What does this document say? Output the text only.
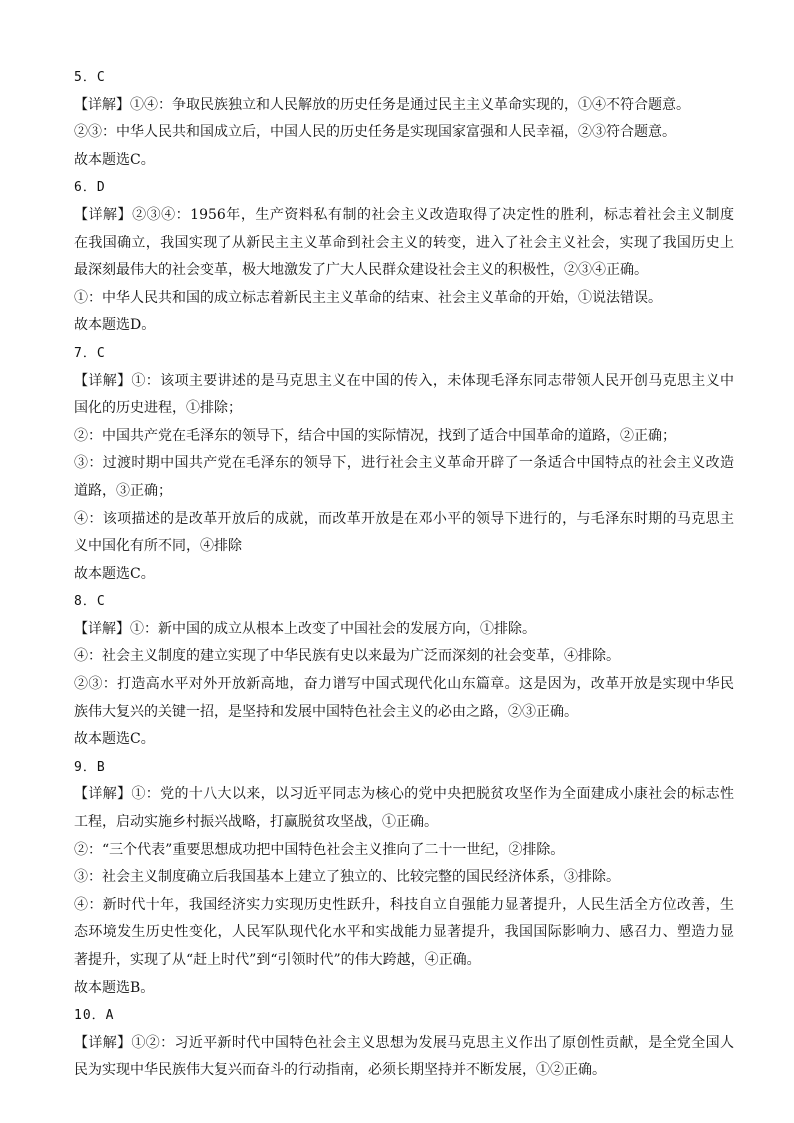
5．C
【详解】①④：争取民族独立和人民解放的历史任务是通过民主主义革命实现的，①④不符合题意。
②③：中华人民共和国成立后，中国人民的历史任务是实现国家富强和人民幸福，②③符合题意。
故本题选C。
6．D
【详解】②③④：1956年，生产资料私有制的社会主义改造取得了决定性的胜利，标志着社会主义制度
在我国确立，我国实现了从新民主主义革命到社会主义的转变，进入了社会主义社会，实现了我国历史上
最深刻最伟大的社会变革，极大地激发了广大人民群众建设社会主义的积极性，②③④正确。
①：中华人民共和国的成立标志着新民主主义革命的结束、社会主义革命的开始，①说法错误。
故本题选D。
7．C
【详解】①：该项主要讲述的是马克思主义在中国的传入，未体现毛泽东同志带领人民开创马克思主义中
国化的历史进程，①排除；
②：中国共产党在毛泽东的领导下，结合中国的实际情况，找到了适合中国革命的道路，②正确；
③：过渡时期中国共产党在毛泽东的领导下，进行社会主义革命开辟了一条适合中国特点的社会主义改造
道路，③正确；
④：该项描述的是改革开放后的成就，而改革开放是在邓小平的领导下进行的，与毛泽东时期的马克思主
义中国化有所不同，④排除
故本题选C。
8．C
【详解】①：新中国的成立从根本上改变了中国社会的发展方向，①排除。
④：社会主义制度的建立实现了中华民族有史以来最为广泛而深刻的社会变革，④排除。
②③：打造高水平对外开放新高地，奋力谱写中国式现代化山东篇章。这是因为，改革开放是实现中华民
族伟大复兴的关键一招，是坚持和发展中国特色社会主义的必由之路，②③正确。
故本题选C。
9．B
【详解】①：党的十八大以来，以习近平同志为核心的党中央把脱贫攻坚作为全面建成小康社会的标志性
工程，启动实施乡村振兴战略，打赢脱贫攻坚战，①正确。
②：“三个代表”重要思想成功把中国特色社会主义推向了二十一世纪，②排除。
③：社会主义制度确立后我国基本上建立了独立的、比较完整的国民经济体系，③排除。
④：新时代十年，我国经济实力实现历史性跃升，科技自立自强能力显著提升，人民生活全方位改善，生
态环境发生历史性变化，人民军队现代化水平和实战能力显著提升，我国国际影响力、感召力、塑造力显
著提升，实现了从“赶上时代”到“引领时代”的伟大跨越，④正确。
故本题选B。
10．A
【详解】①②：习近平新时代中国特色社会主义思想为发展马克思主义作出了原创性贡献，是全党全国人
民为实现中华民族伟大复兴而奋斗的行动指南，必须长期坚持并不断发展，①②正确。
